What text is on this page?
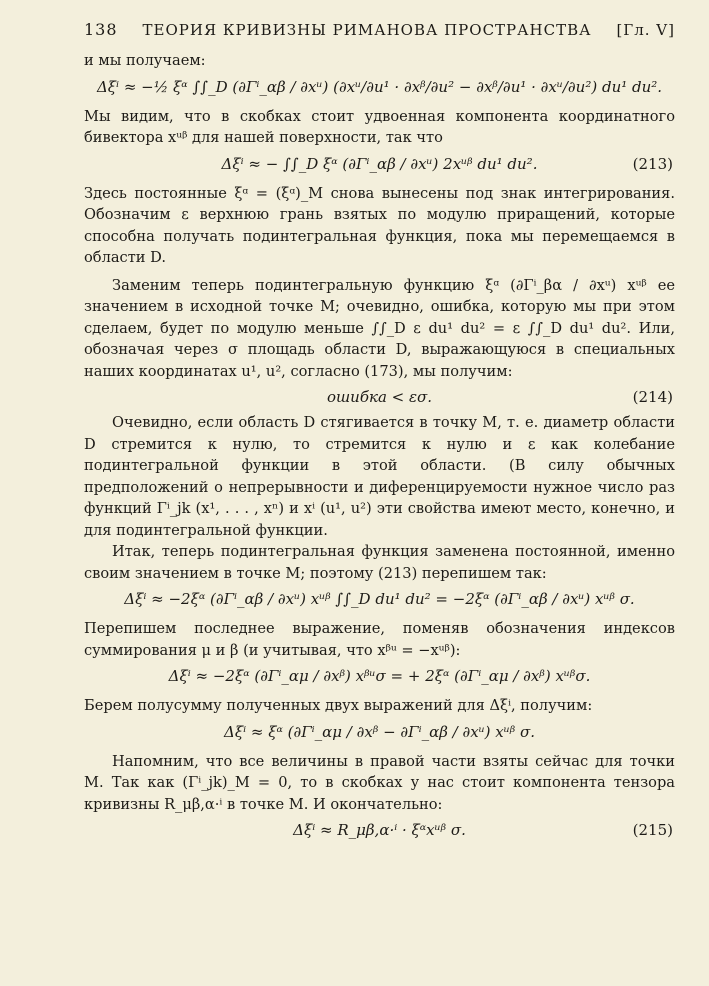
138 ТЕОРИЯ КРИВИЗНЫ РИМАНОВА ПРОСТРАНСТВА [Гл. V]

и мы получаем:

Δξⁱ ≈ −½ ξᵅ ∫∫_D (∂Γⁱ_αβ / ∂xᵘ) (∂xᵘ/∂u¹ · ∂xᵝ/∂u² − ∂xᵝ/∂u¹ · ∂xᵘ/∂u²) du¹ du².

Мы видим, что в скобках стоит удвоенная компонента координатного бивектора xᵘᵝ для нашей поверхности, так что

Δξⁱ ≈ − ∫∫_D ξᵅ (∂Γⁱ_αβ / ∂xᵘ) 2xᵘᵝ du¹ du².	(213)

Здесь постоянные ξᵅ = (ξᵅ)_M снова вынесены под знак интегрирования. Обозначим ε верхнюю грань взятых по модулю приращений, которые способна получать подинтегральная функция, пока мы перемещаемся в области D.

Заменим теперь подинтегральную функцию ξᵅ (∂Γⁱ_βα / ∂xᵘ) xᵘᵝ ее значением в исходной точке M; очевидно, ошибка, которую мы при этом сделаем, будет по модулю меньше ∫∫_D ε du¹ du² = ε ∫∫_D du¹ du². Или, обозначая через σ площадь области D, выражающуюся в специальных наших координатах u¹, u², согласно (173), мы получим:

ошибка < εσ.	(214)

Очевидно, если область D стягивается в точку M, т. е. диаметр области D стремится к нулю, то стремится к нулю и ε как колебание подинтегральной функции в этой области. (В силу обычных предположений о непрерывности и диференцируемости нужное число раз функций Γⁱ_jk (x¹, . . . , xⁿ) и xⁱ (u¹, u²) эти свойства имеют место, конечно, и для подинтегральной функции.

Итак, теперь подинтегральная функция заменена постоянной, именно своим значением в точке M; поэтому (213) перепишем так:

Δξⁱ ≈ −2ξᵅ (∂Γⁱ_αβ / ∂xᵘ) xᵘᵝ ∫∫_D du¹ du² = −2ξᵅ (∂Γⁱ_αβ / ∂xᵘ) xᵘᵝ σ.

Перепишем последнее выражение, поменяв обозначения индексов суммирования μ и β (и учитывая, что xᵝᵘ = −xᵘᵝ):

Δξⁱ ≈ −2ξᵅ (∂Γⁱ_αμ / ∂xᵝ) xᵝᵘσ = + 2ξᵅ (∂Γⁱ_αμ / ∂xᵝ) xᵘᵝσ.

Берем полусумму полученных двух выражений для Δξⁱ, получим:

Δξⁱ ≈ ξᵅ (∂Γⁱ_αμ / ∂xᵝ − ∂Γⁱ_αβ / ∂xᵘ) xᵘᵝ σ.

Напомним, что все величины в правой части взяты сейчас для точки M. Так как (Γⁱ_jk)_M = 0, то в скобках у нас стоит компонента тензора кривизны R_μβ,α·ⁱ в точке M. И окончательно:

Δξⁱ ≈ R_μβ,α·ⁱ · ξᵅxᵘᵝ σ.	(215)
